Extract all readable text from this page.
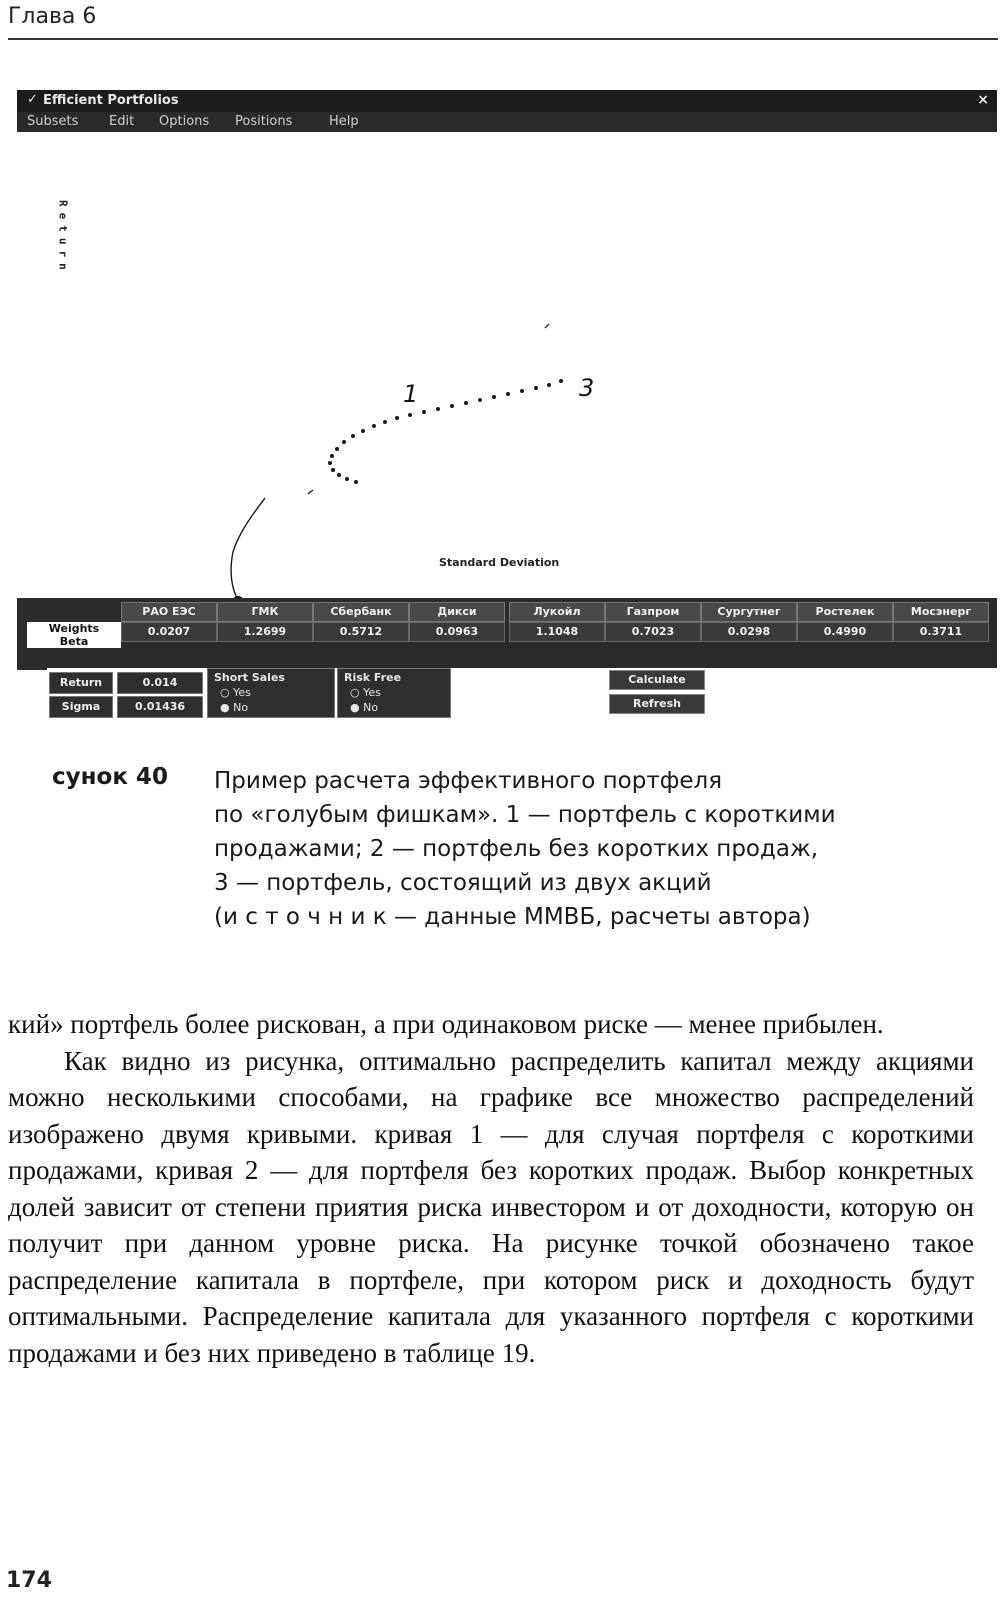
Глава 6
✓ Efficient Portfolios	×
Subsets Edit Options Positions	Help
Return
Standard Deviation
1	3
Weights
Beta
РАО ЕЭС	ГМК	Сбербанк	Дикси	Лукойл	Газпром	Сургутнег	Ростелек	Мосэнерг
0.0207	1.2699	0.5712	0.0963	1.1048	0.7023	0.0298	0.4990	0.3711
Return	0.014
Sigma	0.01436
Short Sales
○ Yes
● No
Risk Free
○ Yes
● No
Calculate
Refresh
сунок 40 Пример расчета эффективного портфеля
по «голубым фишкам». 1 — портфель с короткими
продажами; 2 — портфель без коротких продаж,
3 — портфель, состоящий из двух акций
(и с т о ч н и к — данные ММВБ, расчеты автора)

кий» портфель более рискован, а при одинаковом риске — менее прибылен.

Как видно из рисунка, оптимально распределить капитал между акциями можно несколькими способами, на графике все множество распределений изображено двумя кривыми. кривая 1 — для случая портфеля с короткими продажами, кривая 2 — для портфеля без коротких продаж. Выбор конкретных долей зависит от степени приятия риска инвестором и от доходности, которую он получит при данном уровне риска. На рисунке точкой обозначено такое распределение капитала в портфеле, при котором риск и доходность будут оптимальными. Распределение капитала для указанного портфеля с короткими продажами и без них приведено в таблице 19.

174
